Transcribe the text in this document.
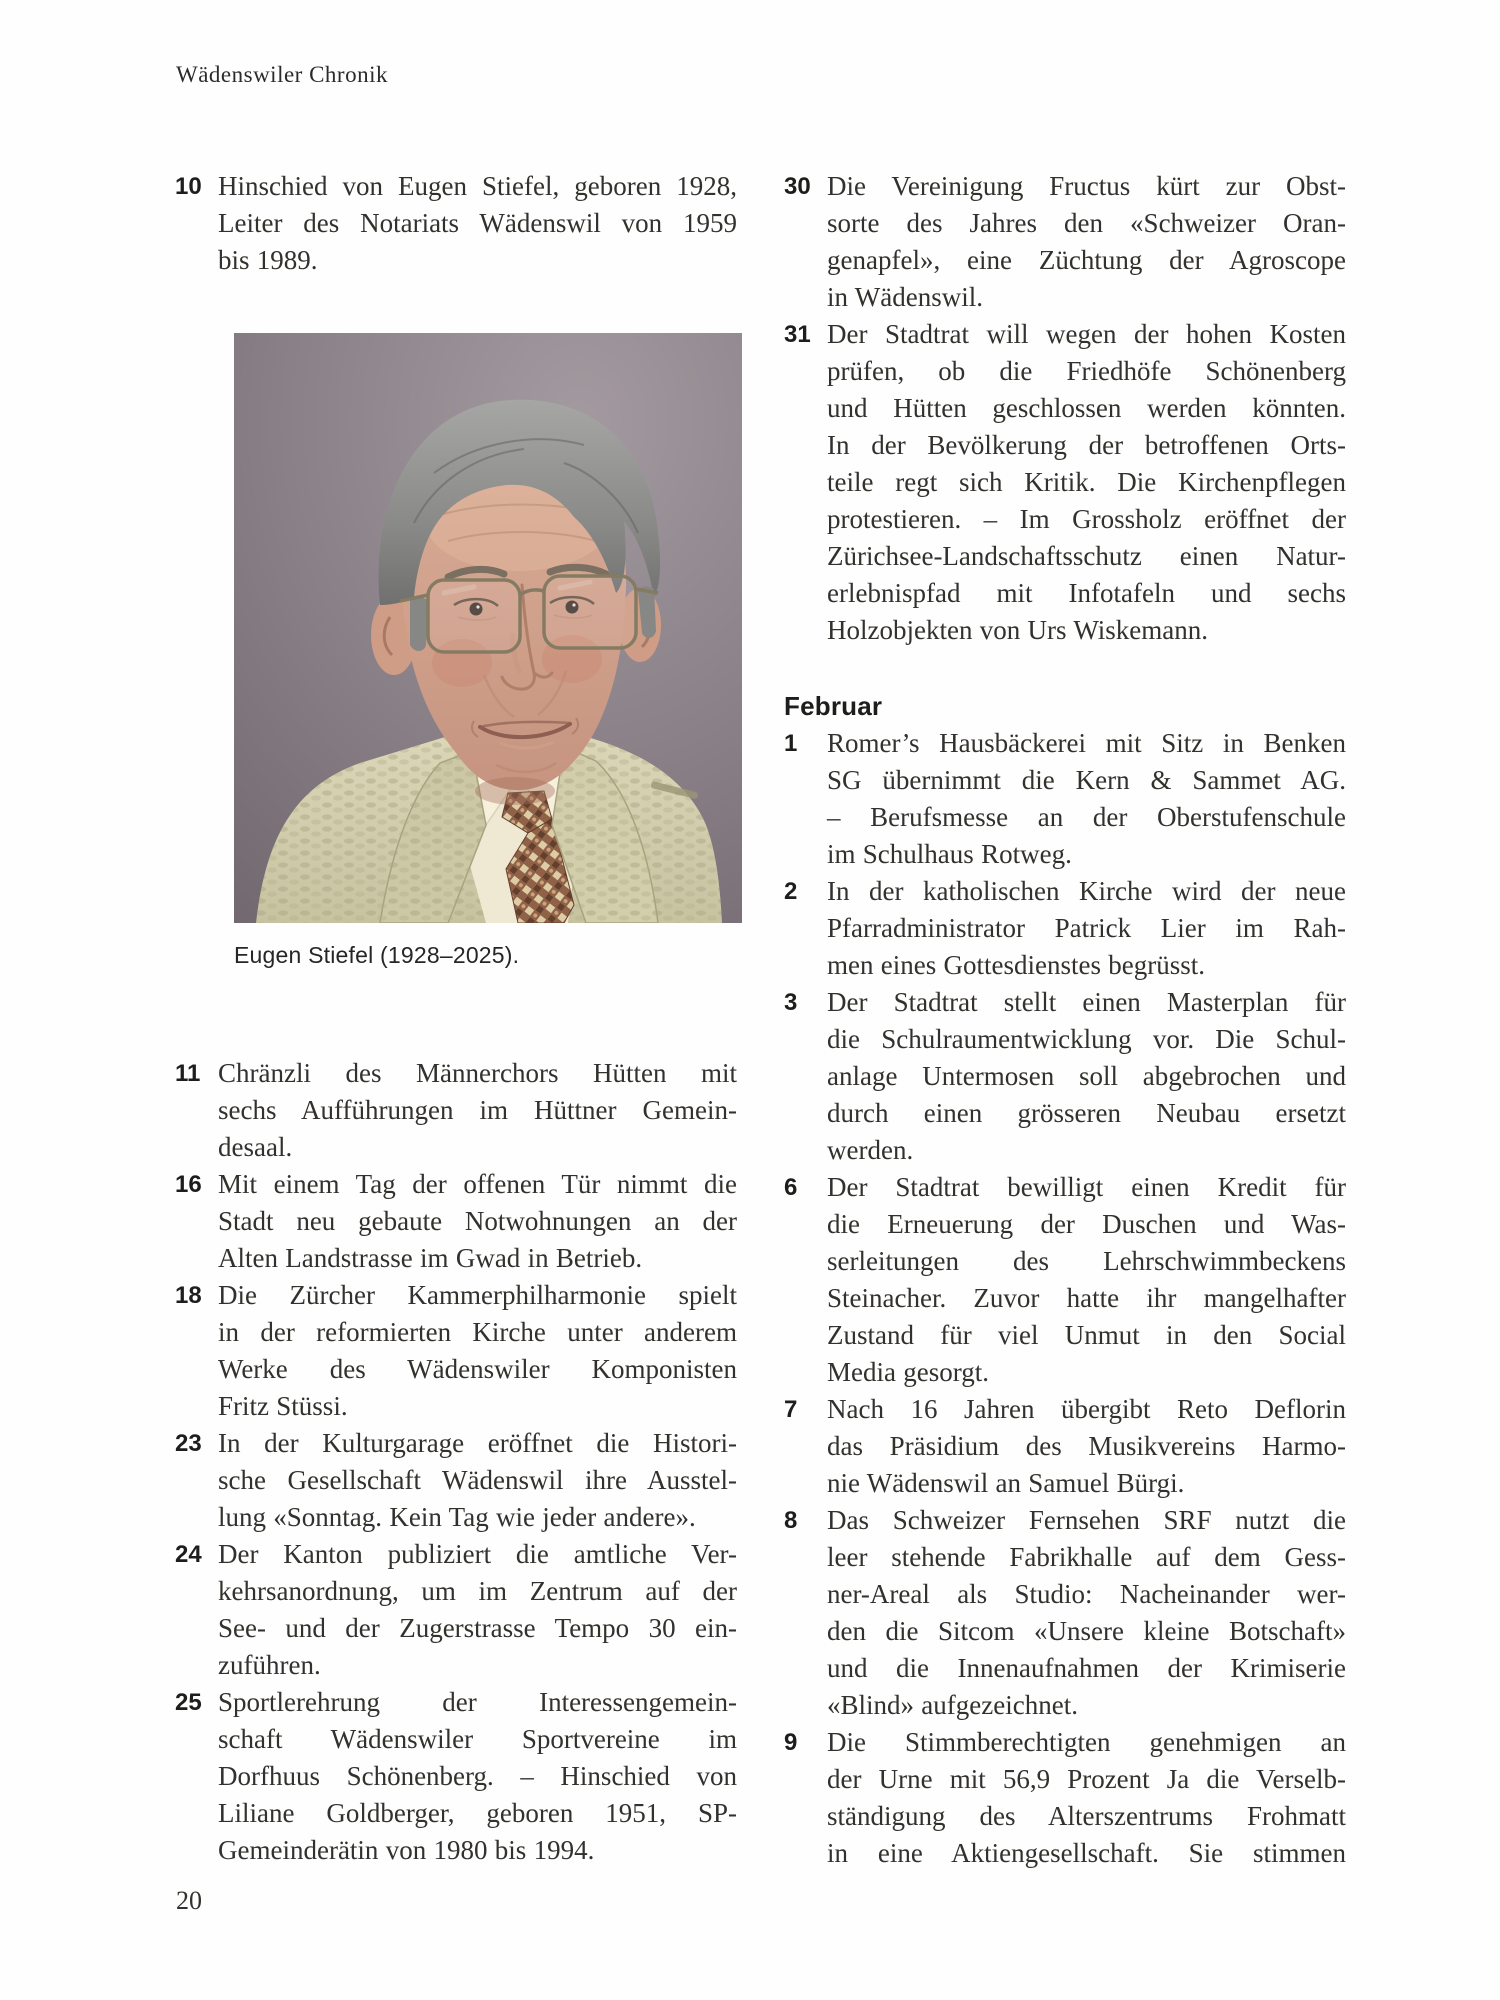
Wädenswiler Chronik
10 Hinschied von Eugen Stiefel, geboren 1928,
Leiter des Notariats Wädenswil von 1959
bis 1989.
Eugen Stiefel (1928–2025).
11 Chränzli des Männerchors Hütten mit
sechs Aufführungen im Hüttner Gemein-
desaal.
16 Mit einem Tag der offenen Tür nimmt die
Stadt neu gebaute Notwohnungen an der
Alten Landstrasse im Gwad in Betrieb.
18 Die Zürcher Kammerphilharmonie spielt
in der reformierten Kirche unter anderem
Werke des Wädenswiler Komponisten
Fritz Stüssi.
23 In der Kulturgarage eröffnet die Histori-
sche Gesellschaft Wädenswil ihre Ausstel-
lung «Sonntag. Kein Tag wie jeder andere».
24 Der Kanton publiziert die amtliche Ver-
kehrsanordnung, um im Zentrum auf der
See- und der Zugerstrasse Tempo 30 ein-
zuführen.
25 Sportlerehrung der Interessengemein-
schaft Wädenswiler Sportvereine im
Dorfhuus Schönenberg. – Hinschied von
Liliane Goldberger, geboren 1951, SP-
Gemeinderätin von 1980 bis 1994.
30 Die Vereinigung Fructus kürt zur Obst-
sorte des Jahres den «Schweizer Oran-
genapfel», eine Züchtung der Agroscope
in Wädenswil.
31 Der Stadtrat will wegen der hohen Kosten
prüfen, ob die Friedhöfe Schönenberg
und Hütten geschlossen werden könnten.
In der Bevölkerung der betroffenen Orts-
teile regt sich Kritik. Die Kirchenpflegen
protestieren. – Im Grossholz eröffnet der
Zürichsee-Landschaftsschutz einen Natur-
erlebnispfad mit Infotafeln und sechs
Holzobjekten von Urs Wiskemann.
Februar
1	Romer’s Hausbäckerei mit Sitz in Benken
SG übernimmt die Kern & Sammet AG.
– Berufsmesse an der Oberstufenschule
im Schulhaus Rotweg.
2	In der katholischen Kirche wird der neue
Pfarradministrator Patrick Lier im Rah-
men eines Gottesdienstes begrüsst.
3	Der Stadtrat stellt einen Masterplan für
die Schulraumentwicklung vor. Die Schul-
anlage Untermosen soll abgebrochen und
durch einen grösseren Neubau ersetzt
werden.
6	Der Stadtrat bewilligt einen Kredit für
die Erneuerung der Duschen und Was-
serleitungen des Lehrschwimmbeckens
Steinacher. Zuvor hatte ihr mangelhafter
Zustand für viel Unmut in den Social
Media gesorgt.
7	Nach 16 Jahren übergibt Reto Deflorin
das Präsidium des Musikvereins Harmo-
nie Wädenswil an Samuel Bürgi.
8	Das Schweizer Fernsehen SRF nutzt die
leer stehende Fabrikhalle auf dem Gess-
ner-Areal als Studio: Nacheinander wer-
den die Sitcom «Unsere kleine Botschaft»
und die Innenaufnahmen der Krimiserie
«Blind» aufgezeichnet.
9	Die Stimmberechtigten genehmigen an
der Urne mit 56,9 Prozent Ja die Verselb-
ständigung des Alterszentrums Frohmatt
in eine Aktiengesellschaft. Sie stimmen
20
